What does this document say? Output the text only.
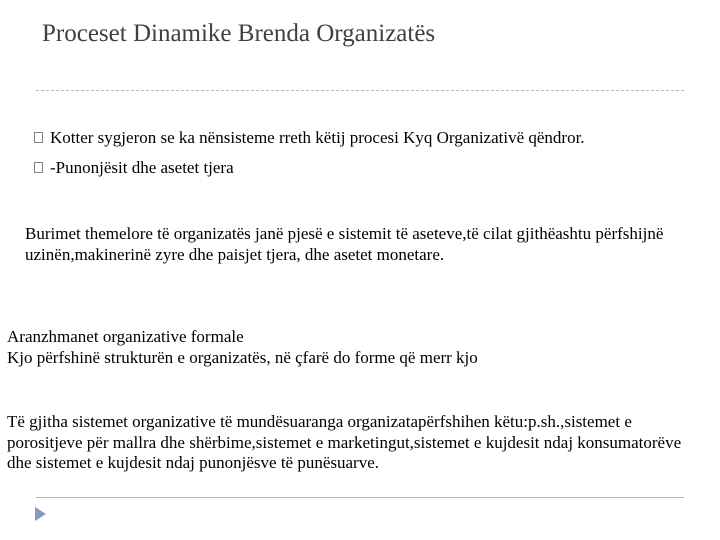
Proceset Dinamike Brenda Organizatës
Kotter sygjeron se ka nënsisteme rreth këtij procesi Kyq Organizativë qëndror.
-Punonjësit dhe asetet tjera

Burimet themelore të organizatës janë pjesë e sistemit të aseteve,të cilat gjithëashtu përfshijnë uzinën,makinerinë zyre dhe paisjet tjera, dhe asetet monetare.

Aranzhmanet organizative formale
Kjo përfshinë strukturën e organizatës, në çfarë do forme që merr kjo

Të gjitha sistemet organizative të mundësuaranga organizatapërfshihen këtu:p.sh.,sistemet e porositjeve për mallra dhe shërbime,sistemet e marketingut,sistemet e kujdesit ndaj konsumatorëve dhe sistemet e kujdesit ndaj punonjësve të punësuarve.
